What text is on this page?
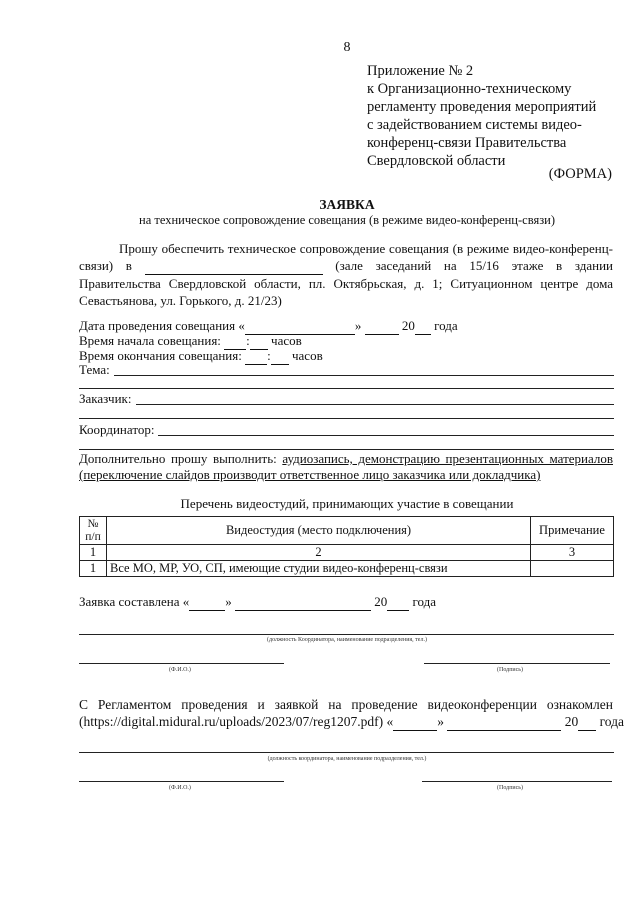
8
Приложение № 2
к Организационно-техническому
регламенту проведения мероприятий
с задействованием системы видео-
конференц-связи Правительства
Свердловской области
(ФОРМА)
ЗАЯВКА
на техническое сопровождение совещания (в режиме видео-конференц-связи)
Прошу обеспечить техническое сопровождение совещания (в режиме видео-конференц-связи) в	(зале заседаний на 15/16 этаже в здании Правительства Свердловской области, пл. Октябрьская, д. 1; Ситуационном центре дома Севастьянова, ул. Горького, д. 21/23)
Дата проведения совещания «	»	20 года
Время начала совещания: : часов
Время окончания совещания: : часов
Тема:
Заказчик:
Координатор:
Дополнительно прошу выполнить: аудиозапись, демонстрацию презентационных материалов (переключение слайдов производит ответственное лицо заказчика или докладчика)
Перечень видеостудий, принимающих участие в совещании
№ п/п	Видеостудия (место подключения)	Примечание
1	2	3
1	Все МО, МР, УО, СП, имеющие студии видео-конференц-связи	
Заявка составлена «	»	20 года
(должность Координатора, наименование подразделения, тел.)
(Ф.И.О.)	(Подпись)
С Регламентом проведения и заявкой на проведение видеоконференции ознакомлен
(https://digital.midural.ru/uploads/2023/07/reg1207.pdf) «	»	20 года
(должность координатора, наименование подразделения, тел.)
(Ф.И.О.)	(Подпись)
